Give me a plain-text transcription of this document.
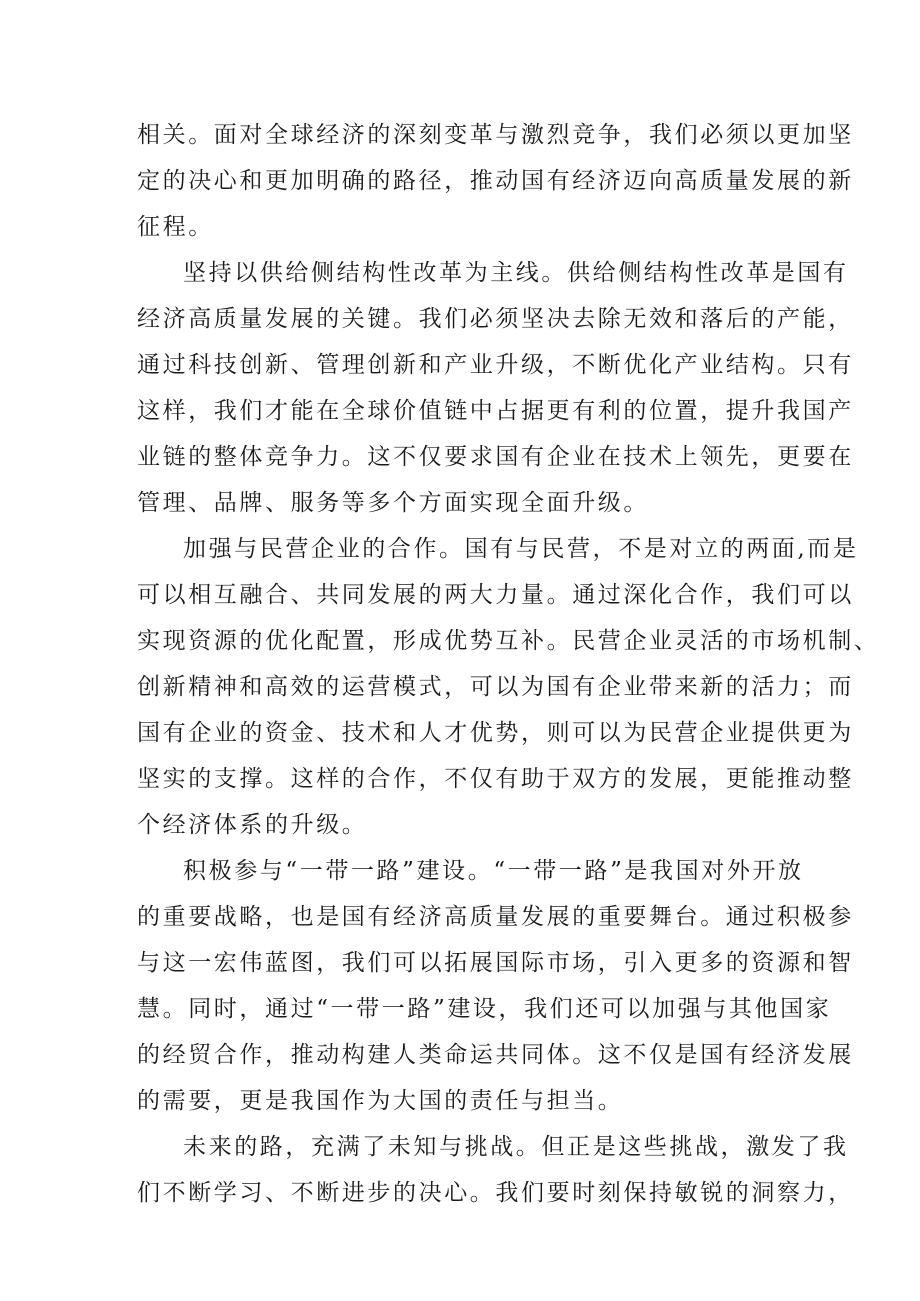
相关。面对全球经济的深刻变革与激烈竞争，我们必须以更加坚
定的决心和更加明确的路径，推动国有经济迈向高质量发展的新
征程。
坚持以供给侧结构性改革为主线。供给侧结构性改革是国有
经济高质量发展的关键。我们必须坚决去除无效和落后的产能，
通过科技创新、管理创新和产业升级，不断优化产业结构。只有
这样，我们才能在全球价值链中占据更有利的位置，提升我国产
业链的整体竞争力。这不仅要求国有企业在技术上领先，更要在
管理、品牌、服务等多个方面实现全面升级。
加强与民营企业的合作。国有与民营，不是对立的两面,而是
可以相互融合、共同发展的两大力量。通过深化合作，我们可以
实现资源的优化配置，形成优势互补。民营企业灵活的市场机制、
创新精神和高效的运营模式，可以为国有企业带来新的活力；而
国有企业的资金、技术和人才优势，则可以为民营企业提供更为
坚实的支撑。这样的合作，不仅有助于双方的发展，更能推动整
个经济体系的升级。
积极参与“一带一路”建设。“一带一路”是我国对外开放
的重要战略，也是国有经济高质量发展的重要舞台。通过积极参
与这一宏伟蓝图，我们可以拓展国际市场，引入更多的资源和智
慧。同时，通过“一带一路”建设，我们还可以加强与其他国家
的经贸合作，推动构建人类命运共同体。这不仅是国有经济发展
的需要，更是我国作为大国的责任与担当。
未来的路，充满了未知与挑战。但正是这些挑战，激发了我
们不断学习、不断进步的决心。我们要时刻保持敏锐的洞察力，
